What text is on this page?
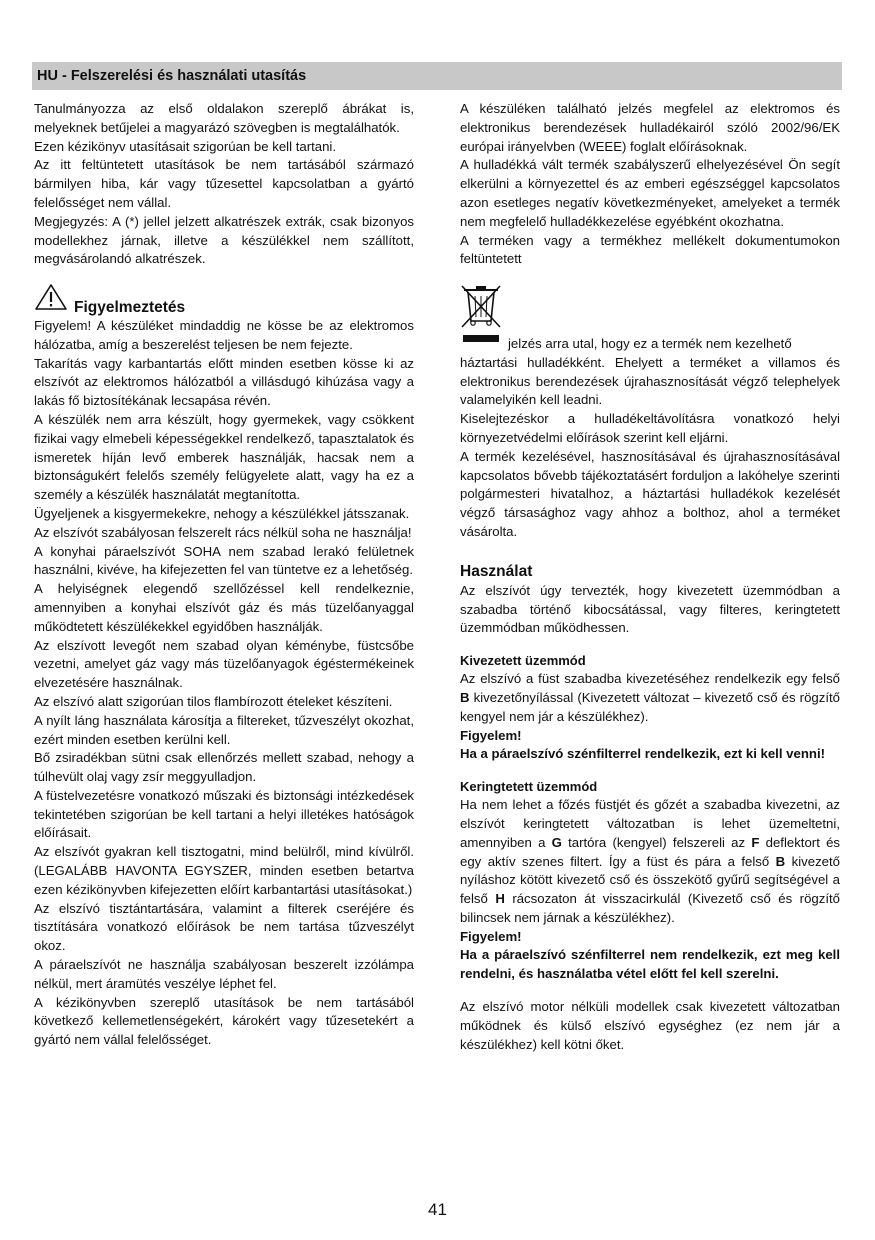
HU - Felszerelési és használati utasítás

Tanulmányozza az első oldalakon szereplő ábrákat is, melyeknek betűjelei a magyarázó szövegben is megtalálhatók.

Ezen kézikönyv utasításait szigorúan be kell tartani.

Az itt feltüntetett utasítások be nem tartásából származó bármilyen hiba, kár vagy tűzesettel kapcsolatban a gyártó felelősséget nem vállal.

Megjegyzés: A (*) jellel jelzett alkatrészek extrák, csak bizonyos modellekhez járnak, illetve a készülékkel nem szállított, megvásárolandó alkatrészek.

Figyelmeztetés

Figyelem! A készüléket mindaddig ne kösse be az elektromos hálózatba, amíg a beszerelést teljesen be nem fejezte.

Takarítás vagy karbantartás előtt minden esetben kösse ki az elszívót az elektromos hálózatból a villásdugó kihúzása vagy a lakás fő biztosítékának lecsapása révén.

A készülék nem arra készült, hogy gyermekek, vagy csökkent fizikai vagy elmebeli képességekkel rendelkező, tapasztalatok és ismeretek híján levő emberek használják, hacsak nem a biztonságukért felelős személy felügyelete alatt, vagy ha ez a személy a készülék használatát megtanította.

Ügyeljenek a kisgyermekekre, nehogy a készülékkel játsszanak.

Az elszívót szabályosan felszerelt rács nélkül soha ne használja!

A konyhai páraelszívót SOHA nem szabad lerakó felületnek használni, kivéve, ha kifejezetten fel van tüntetve ez a lehetőség.

A helyiségnek elegendő szellőzéssel kell rendelkeznie, amennyiben a konyhai elszívót gáz és más tüzelőanyaggal működtetett készülékekkel egyidőben használják.

Az elszívott levegőt nem szabad olyan kéménybe, füstcsőbe vezetni, amelyet gáz vagy más tüzelőanyagok égéstermékeinek elvezetésére használnak.

Az elszívó alatt szigorúan tilos flambírozott ételeket készíteni.

A nyílt láng használata károsítja a filtereket, tűzveszélyt okozhat, ezért minden esetben kerülni kell.

Bő zsiradékban sütni csak ellenőrzés mellett szabad, nehogy a túlhevült olaj vagy zsír meggyulladjon.

A füstelvezetésre vonatkozó műszaki és biztonsági intézkedések tekintetében szigorúan be kell tartani a helyi illetékes hatóságok előírásait.

Az elszívót gyakran kell tisztogatni, mind belülről, mind kívülről. (LEGALÁBB HAVONTA EGYSZER, minden esetben betartva ezen kézikönyvben kifejezetten előírt karbantartási utasításokat.)

Az elszívó tisztántartására, valamint a filterek cseréjére és tisztítására vonatkozó előírások be nem tartása tűzveszélyt okoz.

A páraelszívót ne használja szabályosan beszerelt izzólámpa nélkül, mert áramütés veszélye léphet fel.

A kézikönyvben szereplő utasítások be nem tartásából következő kellemetlenségekért, károkért vagy tűzesetekért a gyártó nem vállal felelősséget.

A készüléken található jelzés megfelel az elektromos és elektronikus berendezések hulladékairól szóló 2002/96/EK európai irányelvben (WEEE) foglalt előírásoknak.

A hulladékká vált termék szabályszerű elhelyezésével Ön segít elkerülni a környezettel és az emberi egészséggel kapcsolatos azon esetleges negatív következményeket, amelyeket a termék nem megfelelő hulladékkezelése egyébként okozhatna.

A terméken vagy a termékhez mellékelt dokumentumokon feltüntetett

jelzés arra utal, hogy ez a termék nem kezelhető

háztartási hulladékként. Ehelyett a terméket a villamos és elektronikus berendezések újrahasznosítását végző telephelyek valamelyikén kell leadni.

Kiselejtezéskor a hulladékeltávolításra vonatkozó helyi környezetvédelmi előírások szerint kell eljárni.

A termék kezelésével, hasznosításával és újrahasznosításával kapcsolatos bővebb tájékoztatásért forduljon a lakóhelye szerinti polgármesteri hivatalhoz, a háztartási hulladékok kezelését végző társasághoz vagy ahhoz a bolthoz, ahol a terméket vásárolta.

Használat

Az elszívót úgy tervezték, hogy kivezetett üzemmódban a szabadba történő kibocsátással, vagy filteres, keringtetett üzemmódban működhessen.

Kivezetett üzemmód

Az elszívó a füst szabadba kivezetéséhez rendelkezik egy felső B kivezetőnyílással (Kivezetett változat – kivezető cső és rögzítő kengyel nem jár a készülékhez).

Figyelem!

Ha a páraelszívó szénfilterrel rendelkezik, ezt ki kell venni!

Keringtetett üzemmód

Ha nem lehet a főzés füstjét és gőzét a szabadba kivezetni, az elszívót keringtetett változatban is lehet üzemeltetni, amennyiben a G tartóra (kengyel) felszereli az F deflektort és egy aktív szenes filtert. Így a füst és pára a felső B kivezető nyíláshoz kötött kivezető cső és összekötő gyűrű segítségével a felső H rácsozaton át visszacirkulál (Kivezető cső és rögzítő bilincsek nem járnak a készülékhez).

Figyelem!

Ha a páraelszívó szénfilterrel nem rendelkezik, ezt meg kell rendelni, és használatba vétel előtt fel kell szerelni.

Az elszívó motor nélküli modellek csak kivezetett változatban működnek és külső elszívó egységhez (ez nem jár a készülékhez) kell kötni őket.

41
